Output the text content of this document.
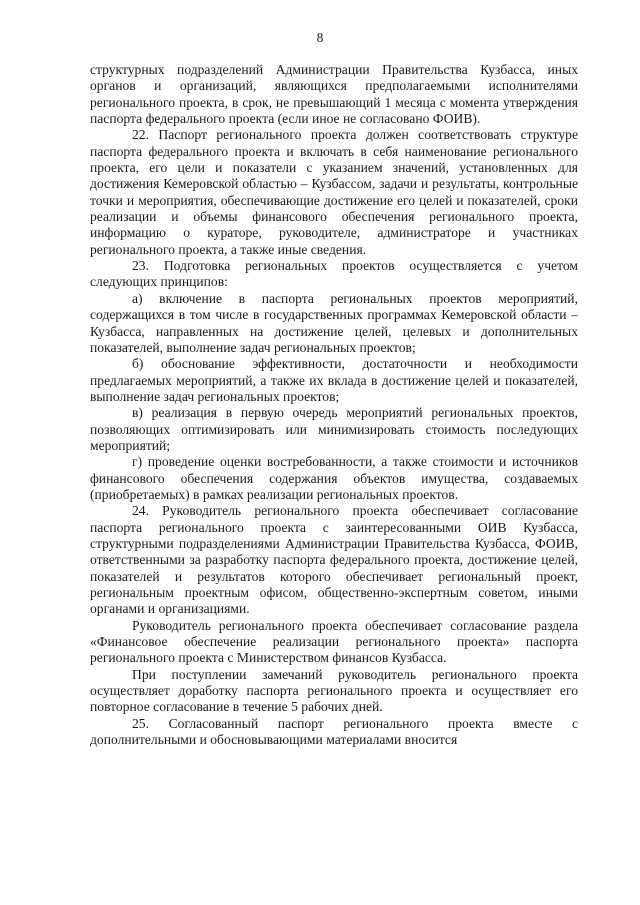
8

структурных подразделений Администрации Правительства Кузбасса, иных органов и организаций, являющихся предполагаемыми исполнителями регионального проекта, в срок, не превышающий 1 месяца с момента утверждения паспорта федерального проекта (если иное не согласовано ФОИВ).

22. Паспорт регионального проекта должен соответствовать структуре паспорта федерального проекта и включать в себя наименование регионального проекта, его цели и показатели с указанием значений, установленных для достижения Кемеровской областью – Кузбассом, задачи и результаты, контрольные точки и мероприятия, обеспечивающие достижение его целей и показателей, сроки реализации и объемы финансового обеспечения регионального проекта, информацию о кураторе, руководителе, администраторе и участниках регионального проекта, а также иные сведения.

23. Подготовка региональных проектов осуществляется с учетом следующих принципов:

а) включение в паспорта региональных проектов мероприятий, содержащихся в том числе в государственных программах Кемеровской области – Кузбасса, направленных на достижение целей, целевых и дополнительных показателей, выполнение задач региональных проектов;

б) обоснование эффективности, достаточности и необходимости предлагаемых мероприятий, а также их вклада в достижение целей и показателей, выполнение задач региональных проектов;

в) реализация в первую очередь мероприятий региональных проектов, позволяющих оптимизировать или минимизировать стоимость последующих мероприятий;

г) проведение оценки востребованности, а также стоимости и источников финансового обеспечения содержания объектов имущества, создаваемых (приобретаемых) в рамках реализации региональных проектов.

24. Руководитель регионального проекта обеспечивает согласование паспорта регионального проекта с заинтересованными ОИВ Кузбасса, структурными подразделениями Администрации Правительства Кузбасса, ФОИВ, ответственными за разработку паспорта федерального проекта, достижение целей, показателей и результатов которого обеспечивает региональный проект, региональным проектным офисом, общественно-экспертным советом, иными органами и организациями.

Руководитель регионального проекта обеспечивает согласование раздела «Финансовое обеспечение реализации регионального проекта» паспорта регионального проекта с Министерством финансов Кузбасса.

При поступлении замечаний руководитель регионального проекта осуществляет доработку паспорта регионального проекта и осуществляет его повторное согласование в течение 5 рабочих дней.

25. Согласованный паспорт регионального проекта вместе с дополнительными и обосновывающими материалами вносится
